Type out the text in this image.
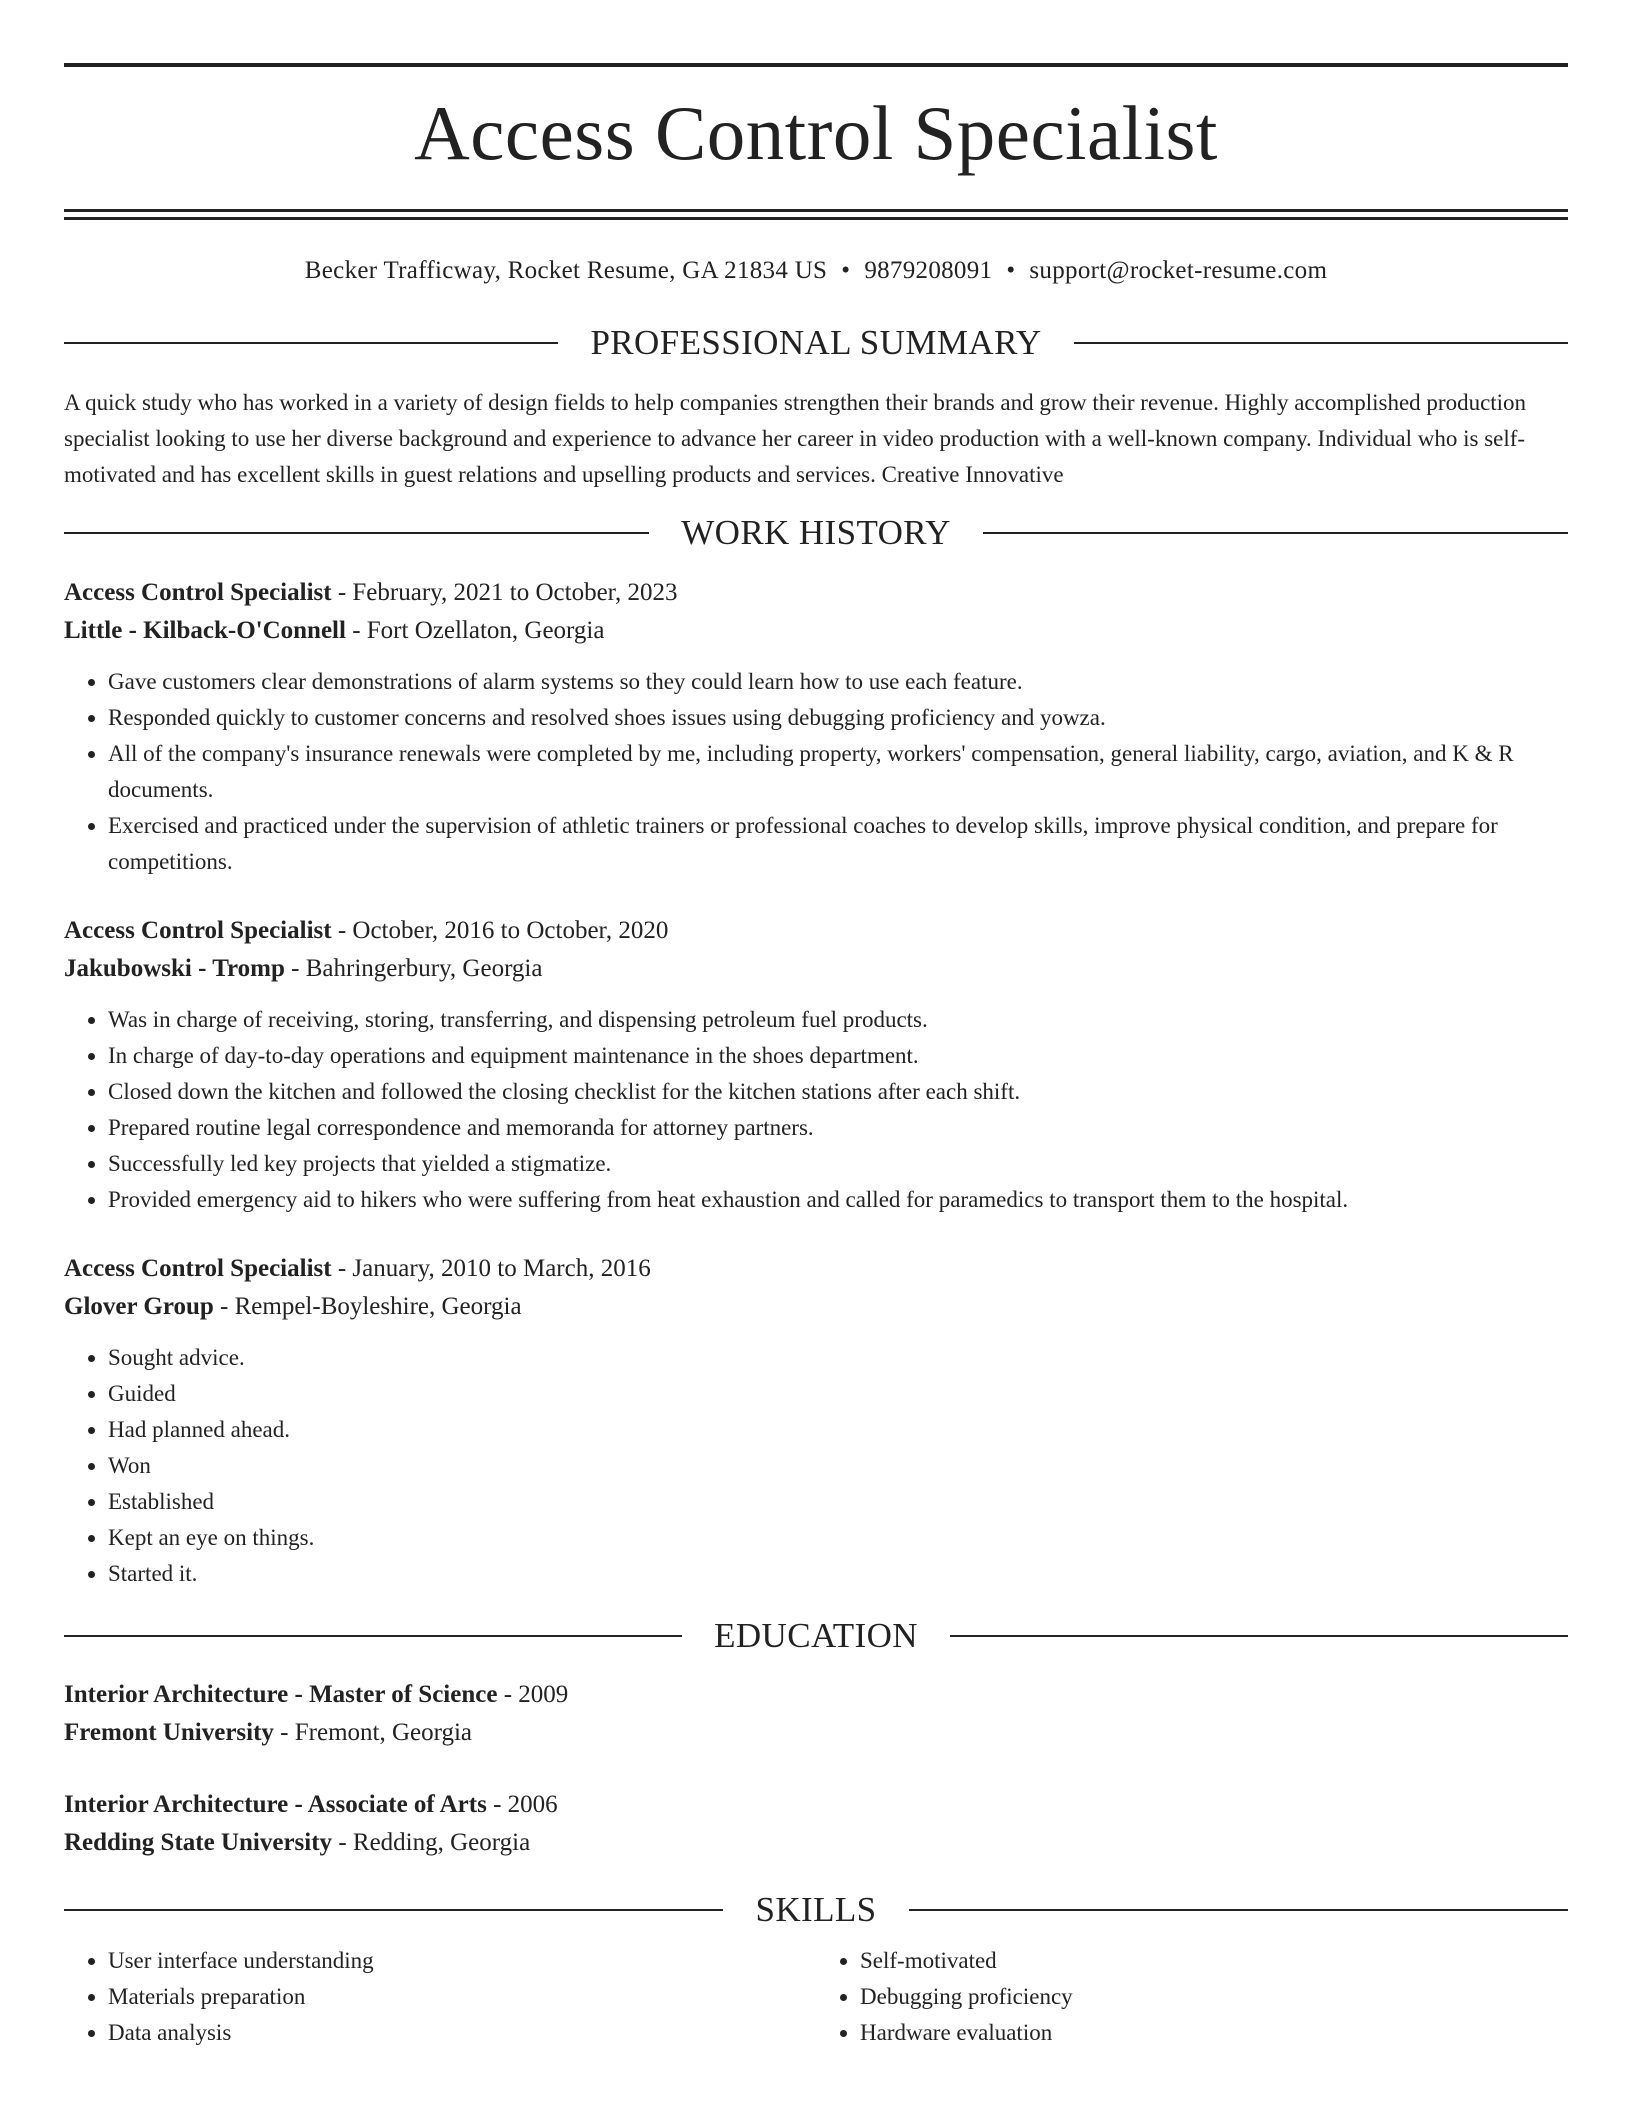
Access Control Specialist
Becker Trafficway, Rocket Resume, GA 21834 US • 9879208091 • support@rocket-resume.com
PROFESSIONAL SUMMARY
A quick study who has worked in a variety of design fields to help companies strengthen their brands and grow their revenue. Highly accomplished production specialist looking to use her diverse background and experience to advance her career in video production with a well-known company. Individual who is self-motivated and has excellent skills in guest relations and upselling products and services. Creative Innovative
WORK HISTORY
Access Control Specialist - February, 2021 to October, 2023
Little - Kilback-O'Connell - Fort Ozellaton, Georgia
• Gave customers clear demonstrations of alarm systems so they could learn how to use each feature.
• Responded quickly to customer concerns and resolved shoes issues using debugging proficiency and yowza.
• All of the company's insurance renewals were completed by me, including property, workers' compensation, general liability, cargo, aviation, and K & R documents.
• Exercised and practiced under the supervision of athletic trainers or professional coaches to develop skills, improve physical condition, and prepare for competitions.
Access Control Specialist - October, 2016 to October, 2020
Jakubowski - Tromp - Bahringerbury, Georgia
• Was in charge of receiving, storing, transferring, and dispensing petroleum fuel products.
• In charge of day-to-day operations and equipment maintenance in the shoes department.
• Closed down the kitchen and followed the closing checklist for the kitchen stations after each shift.
• Prepared routine legal correspondence and memoranda for attorney partners.
• Successfully led key projects that yielded a stigmatize.
• Provided emergency aid to hikers who were suffering from heat exhaustion and called for paramedics to transport them to the hospital.
Access Control Specialist - January, 2010 to March, 2016
Glover Group - Rempel-Boyleshire, Georgia
• Sought advice.
• Guided
• Had planned ahead.
• Won
• Established
• Kept an eye on things.
• Started it.
EDUCATION
Interior Architecture - Master of Science - 2009
Fremont University - Fremont, Georgia
Interior Architecture - Associate of Arts - 2006
Redding State University - Redding, Georgia
SKILLS
• User interface understanding
• Materials preparation
• Data analysis
• Self-motivated
• Debugging proficiency
• Hardware evaluation
